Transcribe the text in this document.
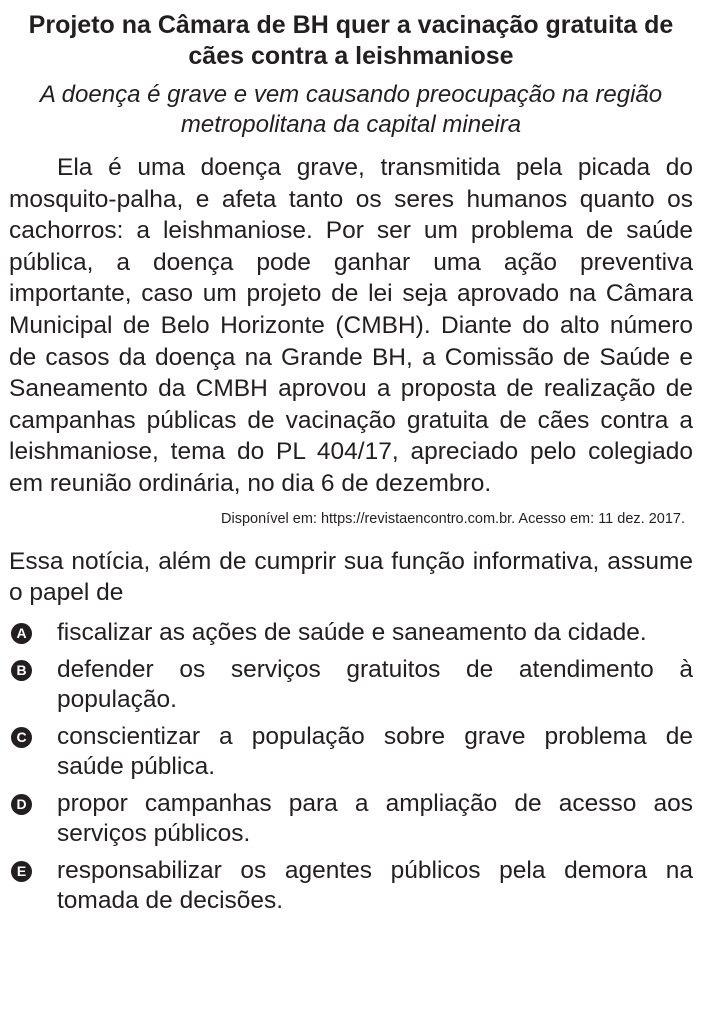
Projeto na Câmara de BH quer a vacinação gratuita de cães contra a leishmaniose

A doença é grave e vem causando preocupação na região metropolitana da capital mineira

Ela é uma doença grave, transmitida pela picada do mosquito-palha, e afeta tanto os seres humanos quanto os cachorros: a leishmaniose. Por ser um problema de saúde pública, a doença pode ganhar uma ação preventiva importante, caso um projeto de lei seja aprovado na Câmara Municipal de Belo Horizonte (CMBH). Diante do alto número de casos da doença na Grande BH, a Comissão de Saúde e Saneamento da CMBH aprovou a proposta de realização de campanhas públicas de vacinação gratuita de cães contra a leishmaniose, tema do PL 404/17, apreciado pelo colegiado em reunião ordinária, no dia 6 de dezembro.

Disponível em: https://revistaencontro.com.br. Acesso em: 11 dez. 2017.

Essa notícia, além de cumprir sua função informativa, assume o papel de

A fiscalizar as ações de saúde e saneamento da cidade.
B defender os serviços gratuitos de atendimento à população.
C conscientizar a população sobre grave problema de saúde pública.
D propor campanhas para a ampliação de acesso aos serviços públicos.
E responsabilizar os agentes públicos pela demora na tomada de decisões.
